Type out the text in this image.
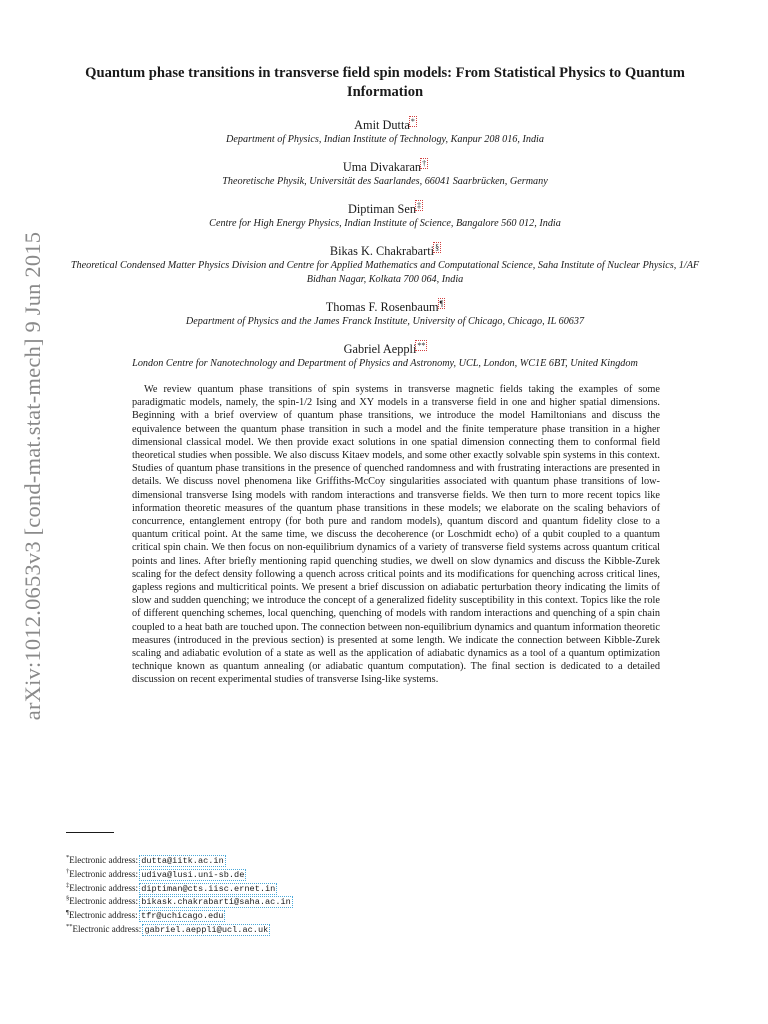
arXiv:1012.0653v3 [cond-mat.stat-mech] 9 Jun 2015
Quantum phase transitions in transverse field spin models: From Statistical Physics to Quantum Information
Amit Dutta*
Department of Physics, Indian Institute of Technology, Kanpur 208 016, India
Uma Divakaran†
Theoretische Physik, Universität des Saarlandes, 66041 Saarbrücken, Germany
Diptiman Sen‡
Centre for High Energy Physics, Indian Institute of Science, Bangalore 560 012, India
Bikas K. Chakrabarti§
Theoretical Condensed Matter Physics Division and Centre for Applied Mathematics and Computational Science, Saha Institute of Nuclear Physics, 1/AF Bidhan Nagar, Kolkata 700 064, India
Thomas F. Rosenbaum¶
Department of Physics and the James Franck Institute, University of Chicago, Chicago, IL 60637
Gabriel Aeppli**
London Centre for Nanotechnology and Department of Physics and Astronomy, UCL, London, WC1E 6BT, United Kingdom
We review quantum phase transitions of spin systems in transverse magnetic fields taking the examples of some paradigmatic models, namely, the spin-1/2 Ising and XY models in a transverse field in one and higher spatial dimensions. Beginning with a brief overview of quantum phase transitions, we introduce the model Hamiltonians and discuss the equivalence between the quantum phase transition in such a model and the finite temperature phase transition in a higher dimensional classical model. We then provide exact solutions in one spatial dimension connecting them to conformal field theoretical studies when possible. We also discuss Kitaev models, and some other exactly solvable spin systems in this context. Studies of quantum phase transitions in the presence of quenched randomness and with frustrating interactions are presented in details. We discuss novel phenomena like Griffiths-McCoy singularities associated with quantum phase transitions of low-dimensional transverse Ising models with random interactions and transverse fields. We then turn to more recent topics like information theoretic measures of the quantum phase transitions in these models; we elaborate on the scaling behaviors of concurrence, entanglement entropy (for both pure and random models), quantum discord and quantum fidelity close to a quantum critical point. At the same time, we discuss the decoherence (or Loschmidt echo) of a qubit coupled to a quantum critical spin chain. We then focus on non-equilibrium dynamics of a variety of transverse field systems across quantum critical points and lines. After briefly mentioning rapid quenching studies, we dwell on slow dynamics and discuss the Kibble-Zurek scaling for the defect density following a quench across critical points and its modifications for quenching across critical lines, gapless regions and multicritical points. We present a brief discussion on adiabatic perturbation theory indicating the limits of slow and sudden quenching; we introduce the concept of a generalized fidelity susceptibility in this context. Topics like the role of different quenching schemes, local quenching, quenching of models with random interactions and quenching of a spin chain coupled to a heat bath are touched upon. The connection between non-equilibrium dynamics and quantum information theoretic measures (introduced in the previous section) is presented at some length. We indicate the connection between Kibble-Zurek scaling and adiabatic evolution of a state as well as the application of adiabatic dynamics as a tool of a quantum optimization technique known as quantum annealing (or adiabatic quantum computation). The final section is dedicated to a detailed discussion on recent experimental studies of transverse Ising-like systems.
*Electronic address: dutta@iitk.ac.in
†Electronic address: udiva@lusi.uni-sb.de
‡Electronic address: diptiman@cts.iisc.ernet.in
§Electronic address: bikask.chakrabarti@saha.ac.in
¶Electronic address: tfr@uchicago.edu
**Electronic address: gabriel.aeppli@ucl.ac.uk
